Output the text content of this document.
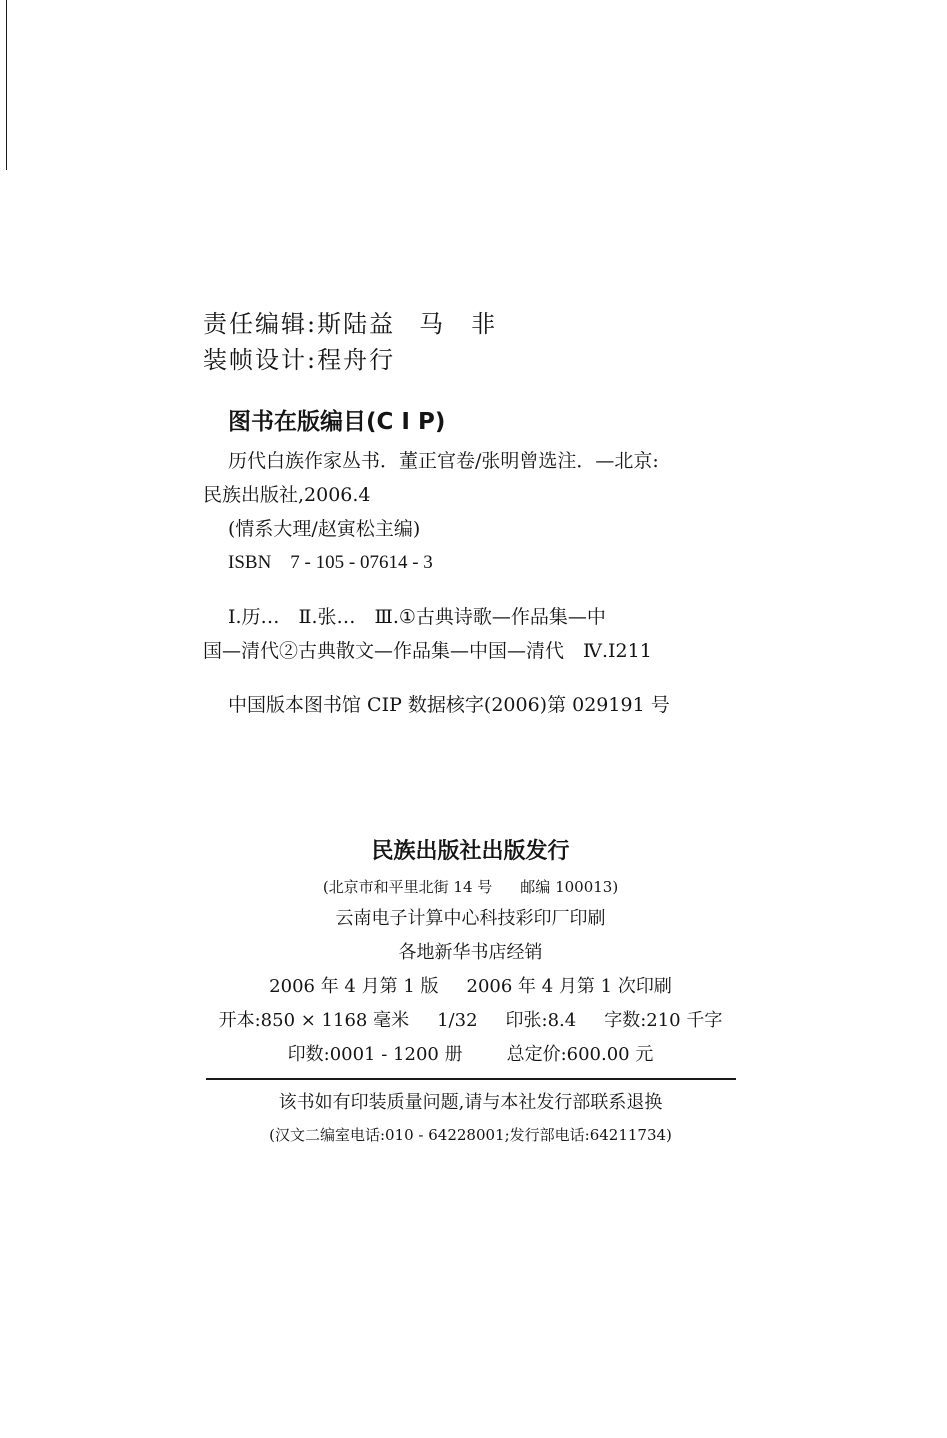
责任编辑:斯陆益 马　非
装帧设计:程舟行
图书在版编目(C I P)
历代白族作家丛书．董正官卷/张明曾选注．—北京:
民族出版社,2006.4
(情系大理/赵寅松主编)
ISBN　7 - 105 - 07614 - 3
Ⅰ.历…　Ⅱ.张…　Ⅲ.①古典诗歌—作品集—中
国—清代②古典散文—作品集—中国—清代　Ⅳ.I211
中国版本图书馆 CIP 数据核字(2006)第 029191 号
民族出版社出版发行
(北京市和平里北街 14 号 邮编 100013)
云南电子计算中心科技彩印厂印刷
各地新华书店经销
2006 年 4 月第 1 版 2006 年 4 月第 1 次印刷
开本:850 × 1168 毫米 1/32 印张:8.4 字数:210 千字
印数:0001 - 1200 册 总定价:600.00 元
该书如有印装质量问题,请与本社发行部联系退换
(汉文二编室电话:010 - 64228001;发行部电话:64211734)
